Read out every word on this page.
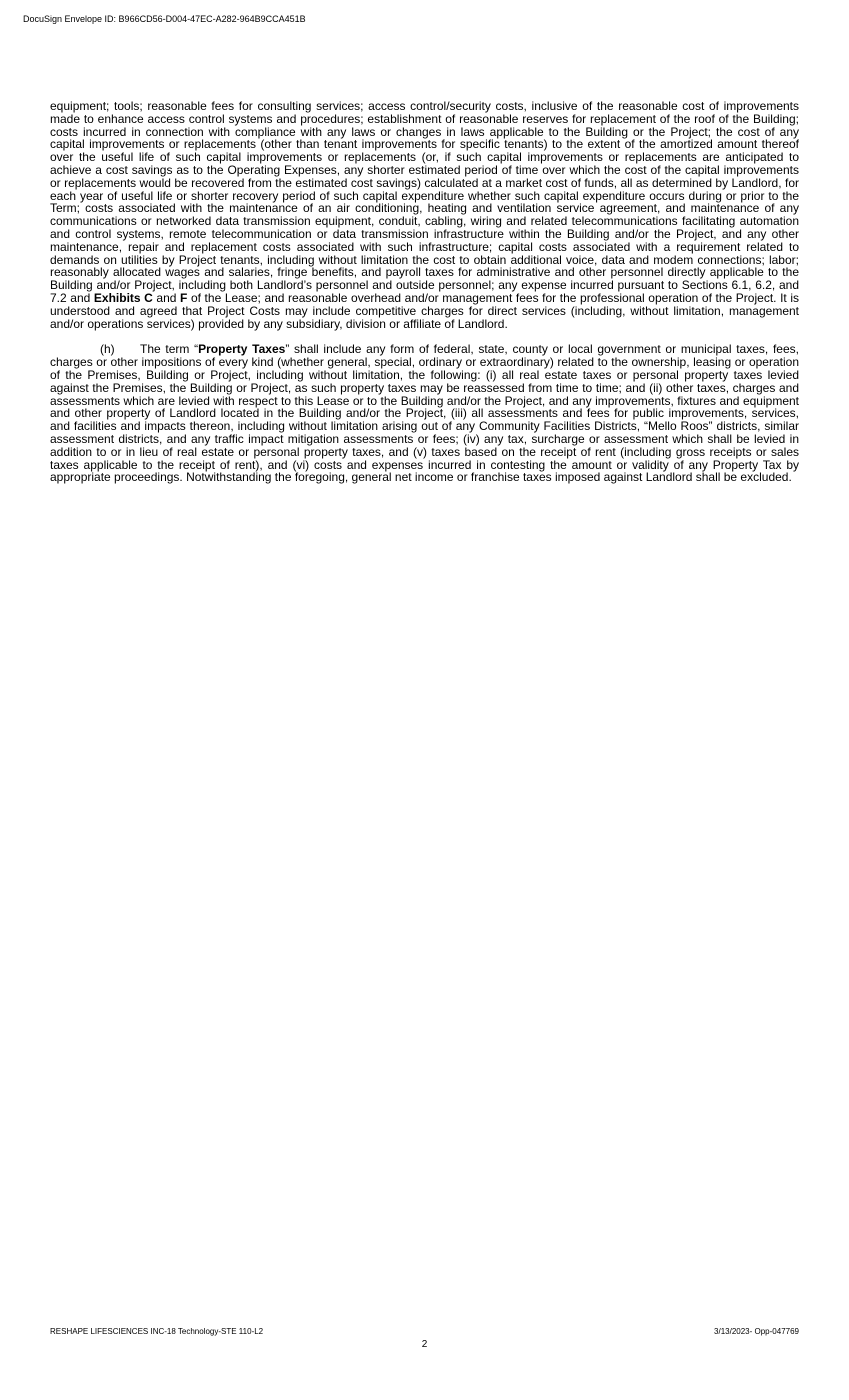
DocuSign Envelope ID: B966CD56-D004-47EC-A282-964B9CCA451B

equipment; tools; reasonable fees for consulting services; access control/security costs, inclusive of the reasonable cost of improvements made to enhance access control systems and procedures; establishment of reasonable reserves for replacement of the roof of the Building; costs incurred in connection with compliance with any laws or changes in laws applicable to the Building or the Project; the cost of any capital improvements or replacements (other than tenant improvements for specific tenants) to the extent of the amortized amount thereof over the useful life of such capital improvements or replacements (or, if such capital improvements or replacements are anticipated to achieve a cost savings as to the Operating Expenses, any shorter estimated period of time over which the cost of the capital improvements or replacements would be recovered from the estimated cost savings) calculated at a market cost of funds, all as determined by Landlord, for each year of useful life or shorter recovery period of such capital expenditure whether such capital expenditure occurs during or prior to the Term; costs associated with the maintenance of an air conditioning, heating and ventilation service agreement, and maintenance of any communications or networked data transmission equipment, conduit, cabling, wiring and related telecommunications facilitating automation and control systems, remote telecommunication or data transmission infrastructure within the Building and/or the Project, and any other maintenance, repair and replacement costs associated with such infrastructure; capital costs associated with a requirement related to demands on utilities by Project tenants, including without limitation the cost to obtain additional voice, data and modem connections; labor; reasonably allocated wages and salaries, fringe benefits, and payroll taxes for administrative and other personnel directly applicable to the Building and/or Project, including both Landlord’s personnel and outside personnel; any expense incurred pursuant to Sections 6.1, 6.2, and 7.2 and Exhibits C and F of the Lease; and reasonable overhead and/or management fees for the professional operation of the Project. It is understood and agreed that Project Costs may include competitive charges for direct services (including, without limitation, management and/or operations services) provided by any subsidiary, division or affiliate of Landlord.

(h) The term “Property Taxes” shall include any form of federal, state, county or local government or municipal taxes, fees, charges or other impositions of every kind (whether general, special, ordinary or extraordinary) related to the ownership, leasing or operation of the Premises, Building or Project, including without limitation, the following: (i) all real estate taxes or personal property taxes levied against the Premises, the Building or Project, as such property taxes may be reassessed from time to time; and (ii) other taxes, charges and assessments which are levied with respect to this Lease or to the Building and/or the Project, and any improvements, fixtures and equipment and other property of Landlord located in the Building and/or the Project, (iii) all assessments and fees for public improvements, services, and facilities and impacts thereon, including without limitation arising out of any Community Facilities Districts, “Mello Roos” districts, similar assessment districts, and any traffic impact mitigation assessments or fees; (iv) any tax, surcharge or assessment which shall be levied in addition to or in lieu of real estate or personal property taxes, and (v) taxes based on the receipt of rent (including gross receipts or sales taxes applicable to the receipt of rent), and (vi) costs and expenses incurred in contesting the amount or validity of any Property Tax by appropriate proceedings. Notwithstanding the foregoing, general net income or franchise taxes imposed against Landlord shall be excluded.

RESHAPE LIFESCIENCES INC-18 Technology-STE 110-L2	3/13/2023- Opp-047769
2
